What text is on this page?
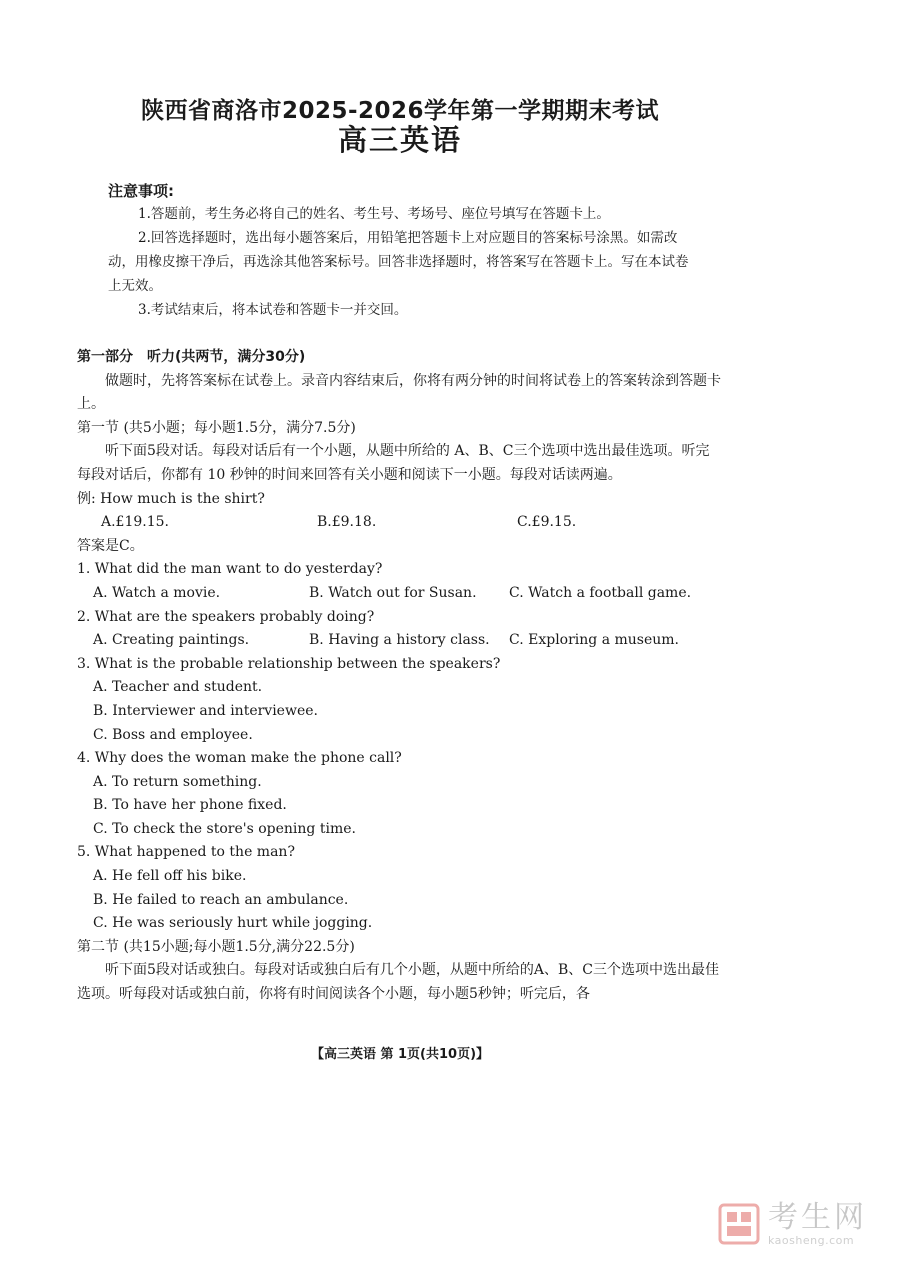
陕西省商洛市2025-2026学年第一学期期末考试
高三英语
注意事项:

1.答题前，考生务必将自己的姓名、考生号、考场号、座位号填写在答题卡上。

2.回答选择题时，选出每小题答案后，用铅笔把答题卡上对应题目的答案标号涂黑。如需改动，用橡皮擦干净后，再选涂其他答案标号。回答非选择题时，将答案写在答题卡上。写在本试卷上无效。

3.考试结束后，将本试卷和答题卡一并交回。

第一部分　听力(共两节，满分30分)

做题时，先将答案标在试卷上。录音内容结束后，你将有两分钟的时间将试卷上的答案转涂到答题卡上。

第一节 (共5小题；每小题1.5分，满分7.5分)

听下面5段对话。每段对话后有一个小题，从题中所给的 A、B、C三个选项中选出最佳选项。听完每段对话后，你都有 10 秒钟的时间来回答有关小题和阅读下一小题。每段对话读两遍。

例: How much is the shirt?

A.£19.15.	B.£9.18.	C.£9.15.

答案是C。

1. What did the man want to do yesterday?

A. Watch a movie.	B. Watch out for Susan.	C. Watch a football game.

2. What are the speakers probably doing?

A. Creating paintings.	B. Having a history class.	C. Exploring a museum.

3. What is the probable relationship between the speakers?

A. Teacher and student.

B. Interviewer and interviewee.

C. Boss and employee.

4. Why does the woman make the phone call?

A. To return something.

B. To have her phone fixed.

C. To check the store's opening time.

5. What happened to the man?

A. He fell off his bike.

B. He failed to reach an ambulance.

C. He was seriously hurt while jogging.

第二节 (共15小题;每小题1.5分,满分22.5分)

听下面5段对话或独白。每段对话或独白后有几个小题，从题中所给的A、B、C三个选项中选出最佳选项。听每段对话或独白前，你将有时间阅读各个小题，每小题5秒钟；听完后，各

【高三英语 第 1页(共10页)】
考生网
kaosheng.com
